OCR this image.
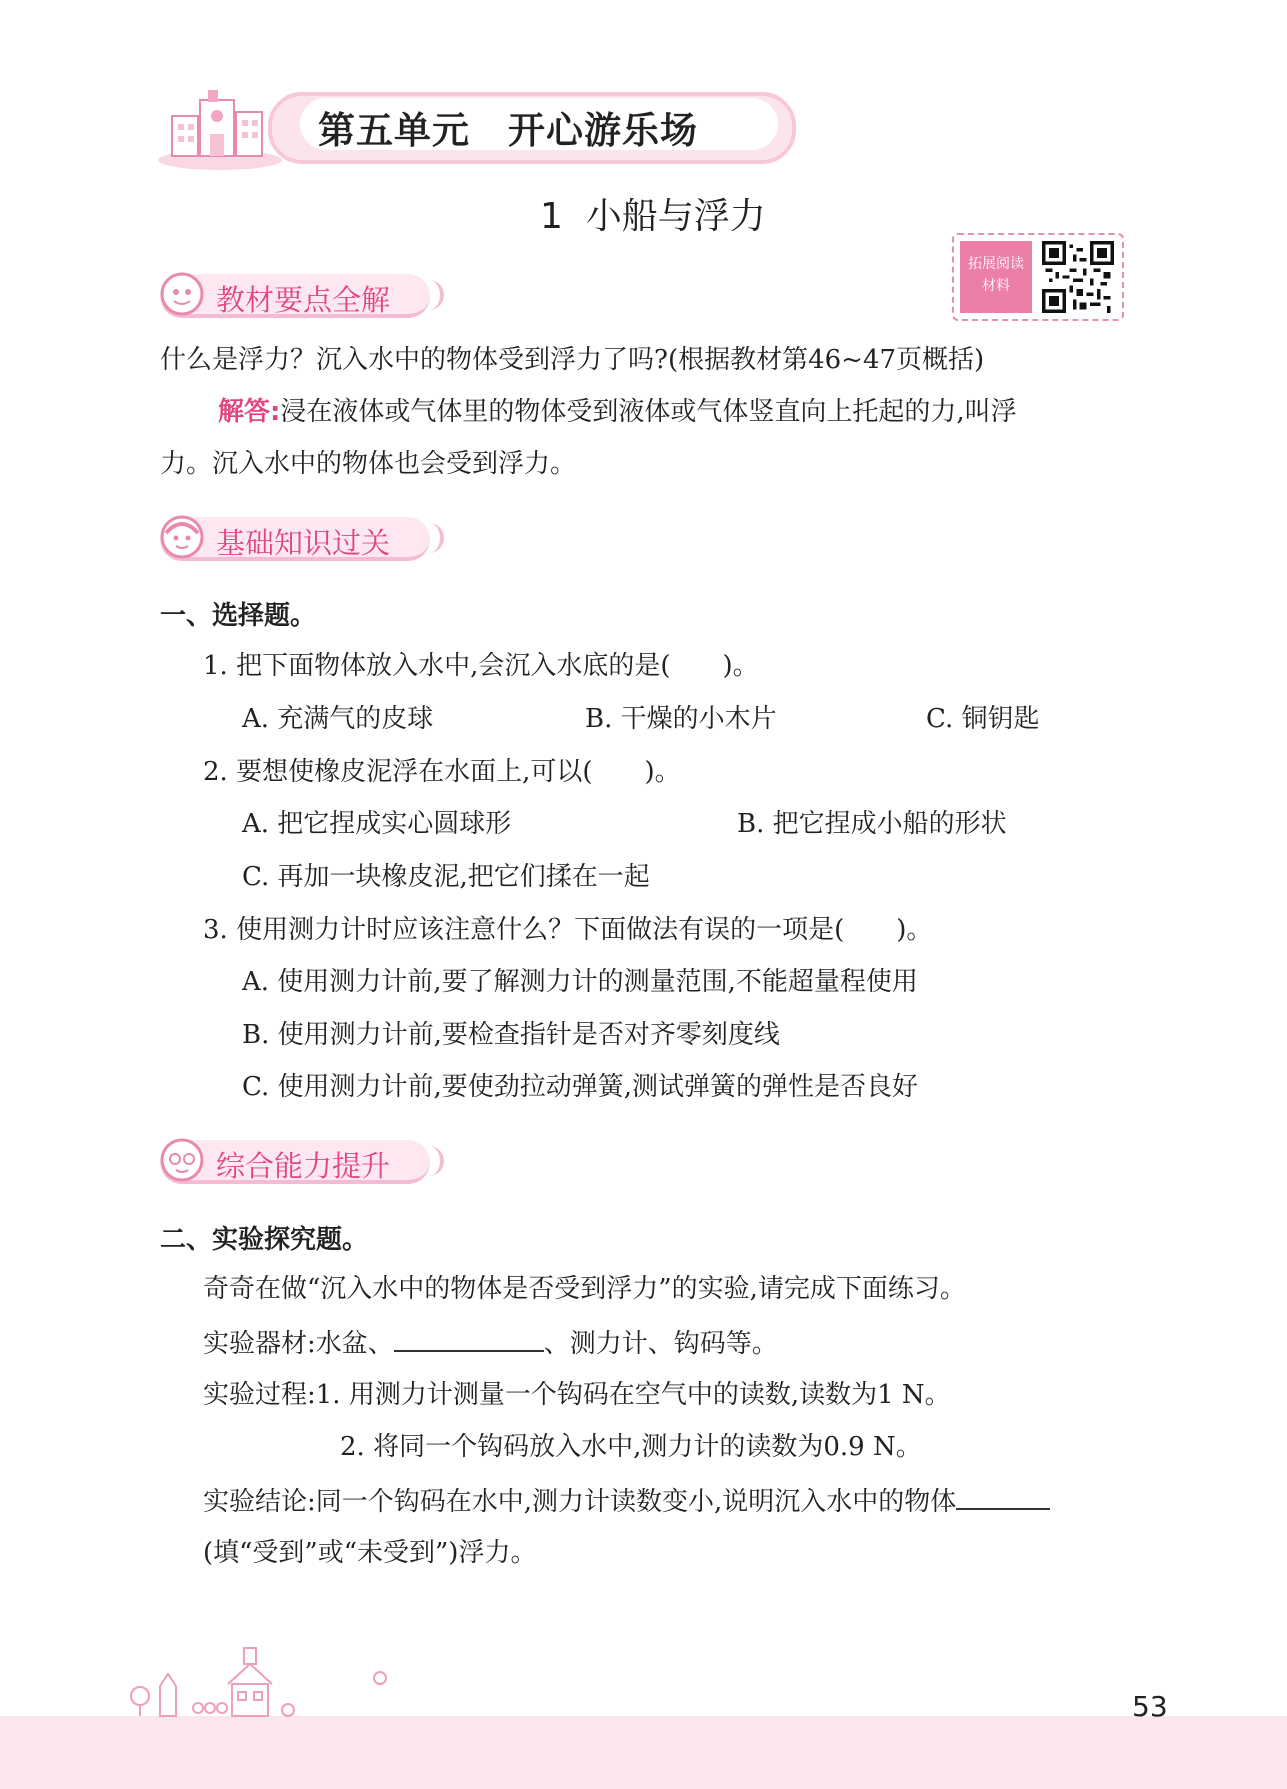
第五单元　开心游乐场
1  小船与浮力
拓展阅读
材料
教材要点全解
什么是浮力？沉入水中的物体受到浮力了吗?(根据教材第46~47页概括)
解答:浸在液体或气体里的物体受到液体或气体竖直向上托起的力,叫浮
力。沉入水中的物体也会受到浮力。
基础知识过关
一、选择题。
1. 把下面物体放入水中,会沉入水底的是(　　)。
A. 充满气的皮球	B. 干燥的小木片	C. 铜钥匙
2. 要想使橡皮泥浮在水面上,可以(　　)。
A. 把它捏成实心圆球形	B. 把它捏成小船的形状
C. 再加一块橡皮泥,把它们揉在一起
3. 使用测力计时应该注意什么？下面做法有误的一项是(　　)。
A. 使用测力计前,要了解测力计的测量范围,不能超量程使用
B. 使用测力计前,要检查指针是否对齐零刻度线
C. 使用测力计前,要使劲拉动弹簧,测试弹簧的弹性是否良好
综合能力提升
二、实验探究题。
奇奇在做“沉入水中的物体是否受到浮力”的实验,请完成下面练习。
实验器材:水盆、	、测力计、钩码等。
实验过程:1. 用测力计测量一个钩码在空气中的读数,读数为1 N。
2. 将同一个钩码放入水中,测力计的读数为0.9 N。
实验结论:同一个钩码在水中,测力计读数变小,说明沉入水中的物体
(填“受到”或“未受到”)浮力。
53
